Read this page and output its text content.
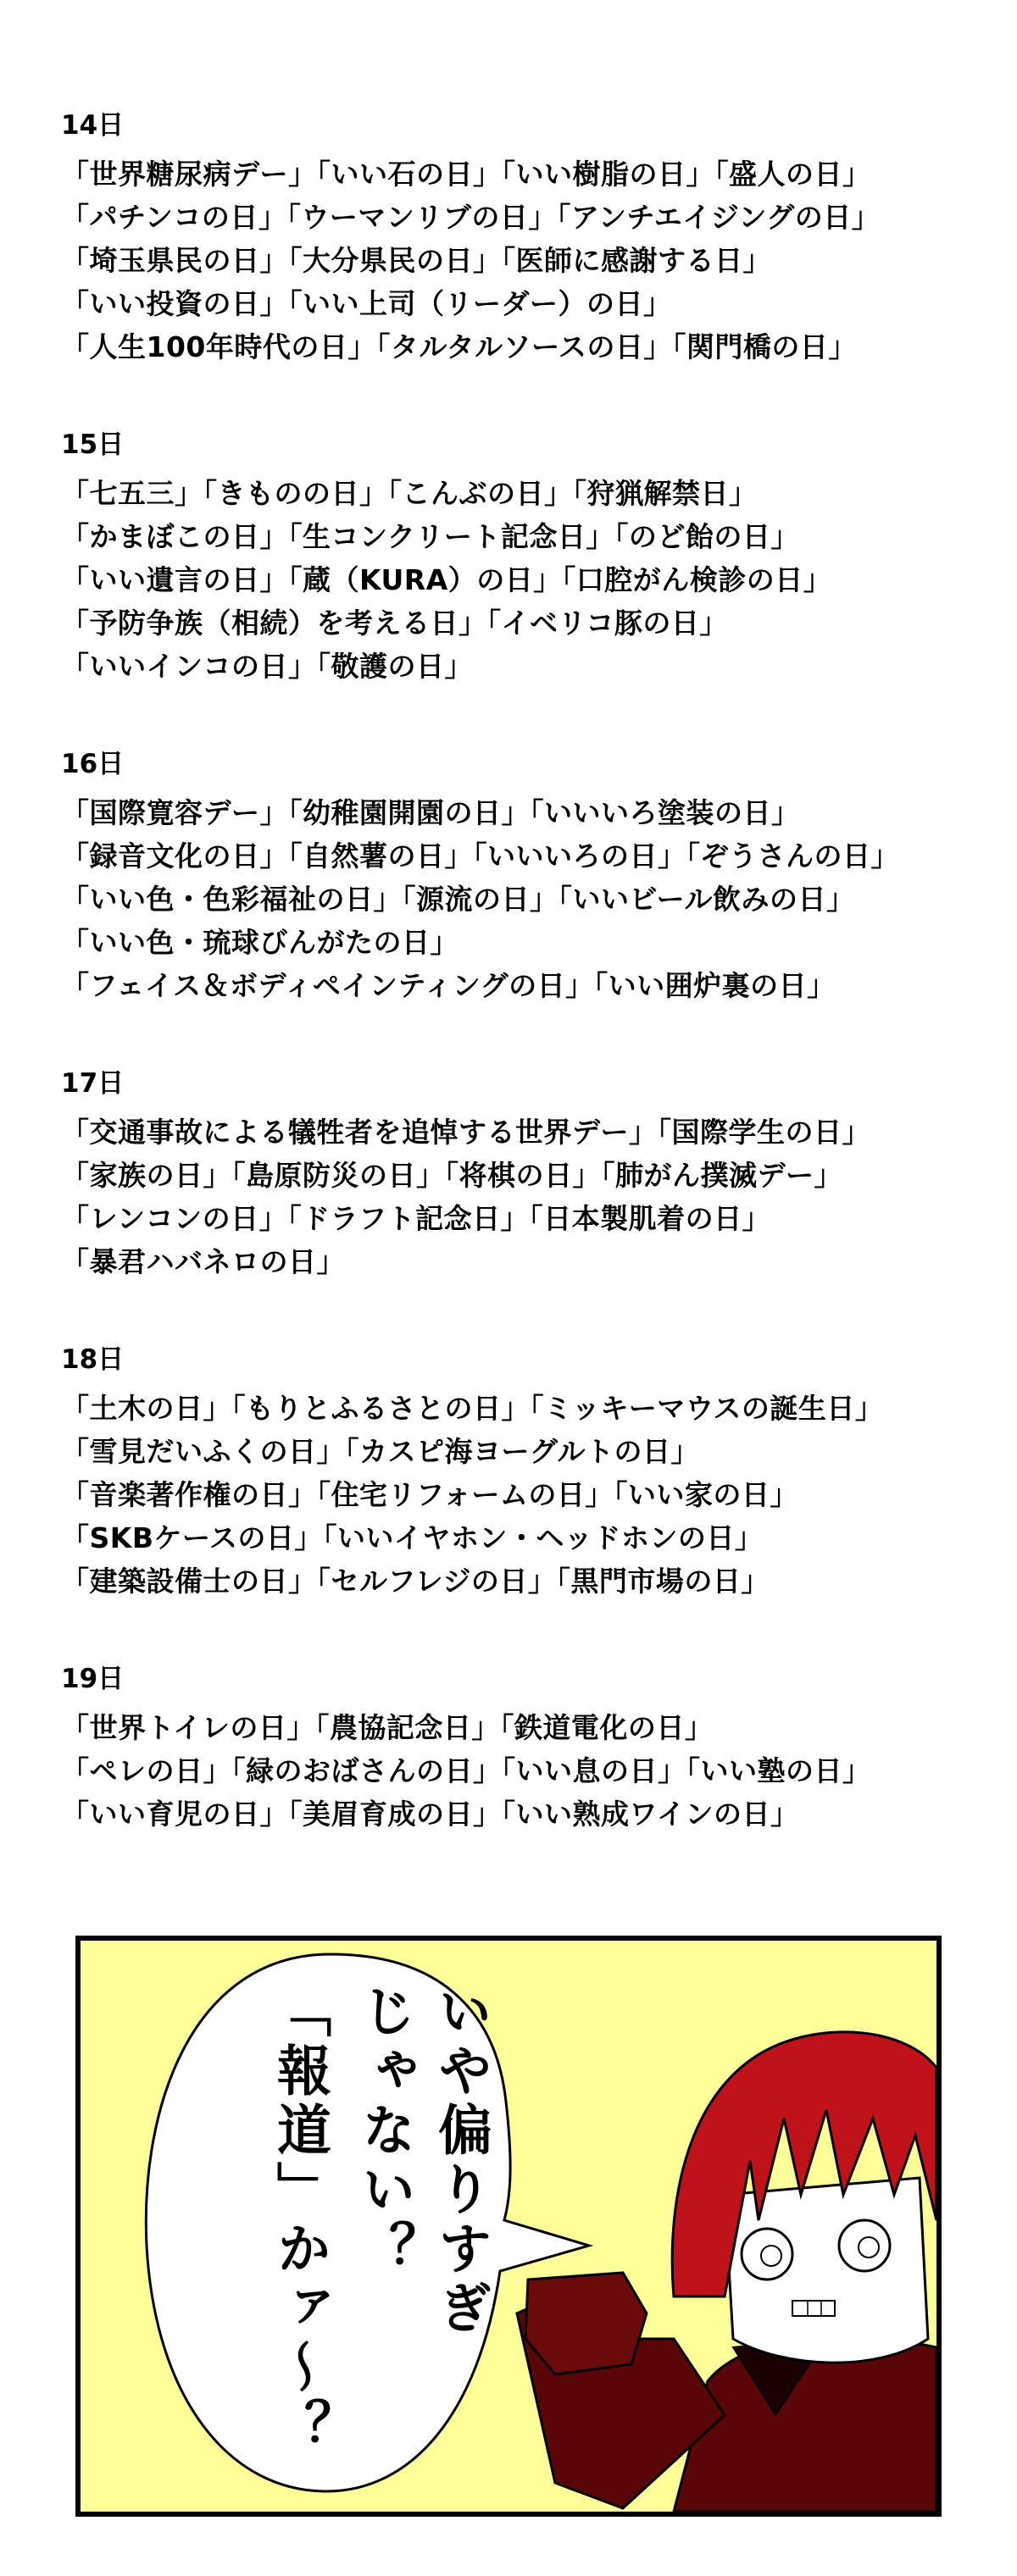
14日
「世界糖尿病デー」「いい石の日」「いい樹脂の日」「盛人の日」
「パチンコの日」「ウーマンリブの日」「アンチエイジングの日」
「埼玉県民の日」「大分県民の日」「医師に感謝する日」
「いい投資の日」「いい上司（リーダー）の日」
「人生100年時代の日」「タルタルソースの日」「関門橋の日」
15日
「七五三」「きものの日」「こんぶの日」「狩猟解禁日」
「かまぼこの日」「生コンクリート記念日」「のど飴の日」
「いい遺言の日」「蔵（KURA）の日」「口腔がん検診の日」
「予防争族（相続）を考える日」「イベリコ豚の日」
「いいインコの日」「敬護の日」
16日
「国際寛容デー」「幼稚園開園の日」「いいいろ塗装の日」
「録音文化の日」「自然薯の日」「いいいろの日」「ぞうさんの日」
「いい色・色彩福祉の日」「源流の日」「いいビール飲みの日」
「いい色・琉球びんがたの日」
「フェイス＆ボディペインティングの日」「いい囲炉裏の日」
17日
「交通事故による犠牲者を追悼する世界デー」「国際学生の日」
「家族の日」「島原防災の日」「将棋の日」「肺がん撲滅デー」
「レンコンの日」「ドラフト記念日」「日本製肌着の日」
「暴君ハバネロの日」
18日
「土木の日」「もりとふるさとの日」「ミッキーマウスの誕生日」
「雪見だいふくの日」「カスピ海ヨーグルトの日」
「音楽著作権の日」「住宅リフォームの日」「いい家の日」
「SKBケースの日」「いいイヤホン・ヘッドホンの日」
「建築設備士の日」「セルフレジの日」「黒門市場の日」
19日
「世界トイレの日」「農協記念日」「鉄道電化の日」
「ペレの日」「緑のおばさんの日」「いい息の日」「いい塾の日」
「いい育児の日」「美眉育成の日」「いい熟成ワインの日」
いや偏りすぎ
じゃない？
「報道」かァ〜？
